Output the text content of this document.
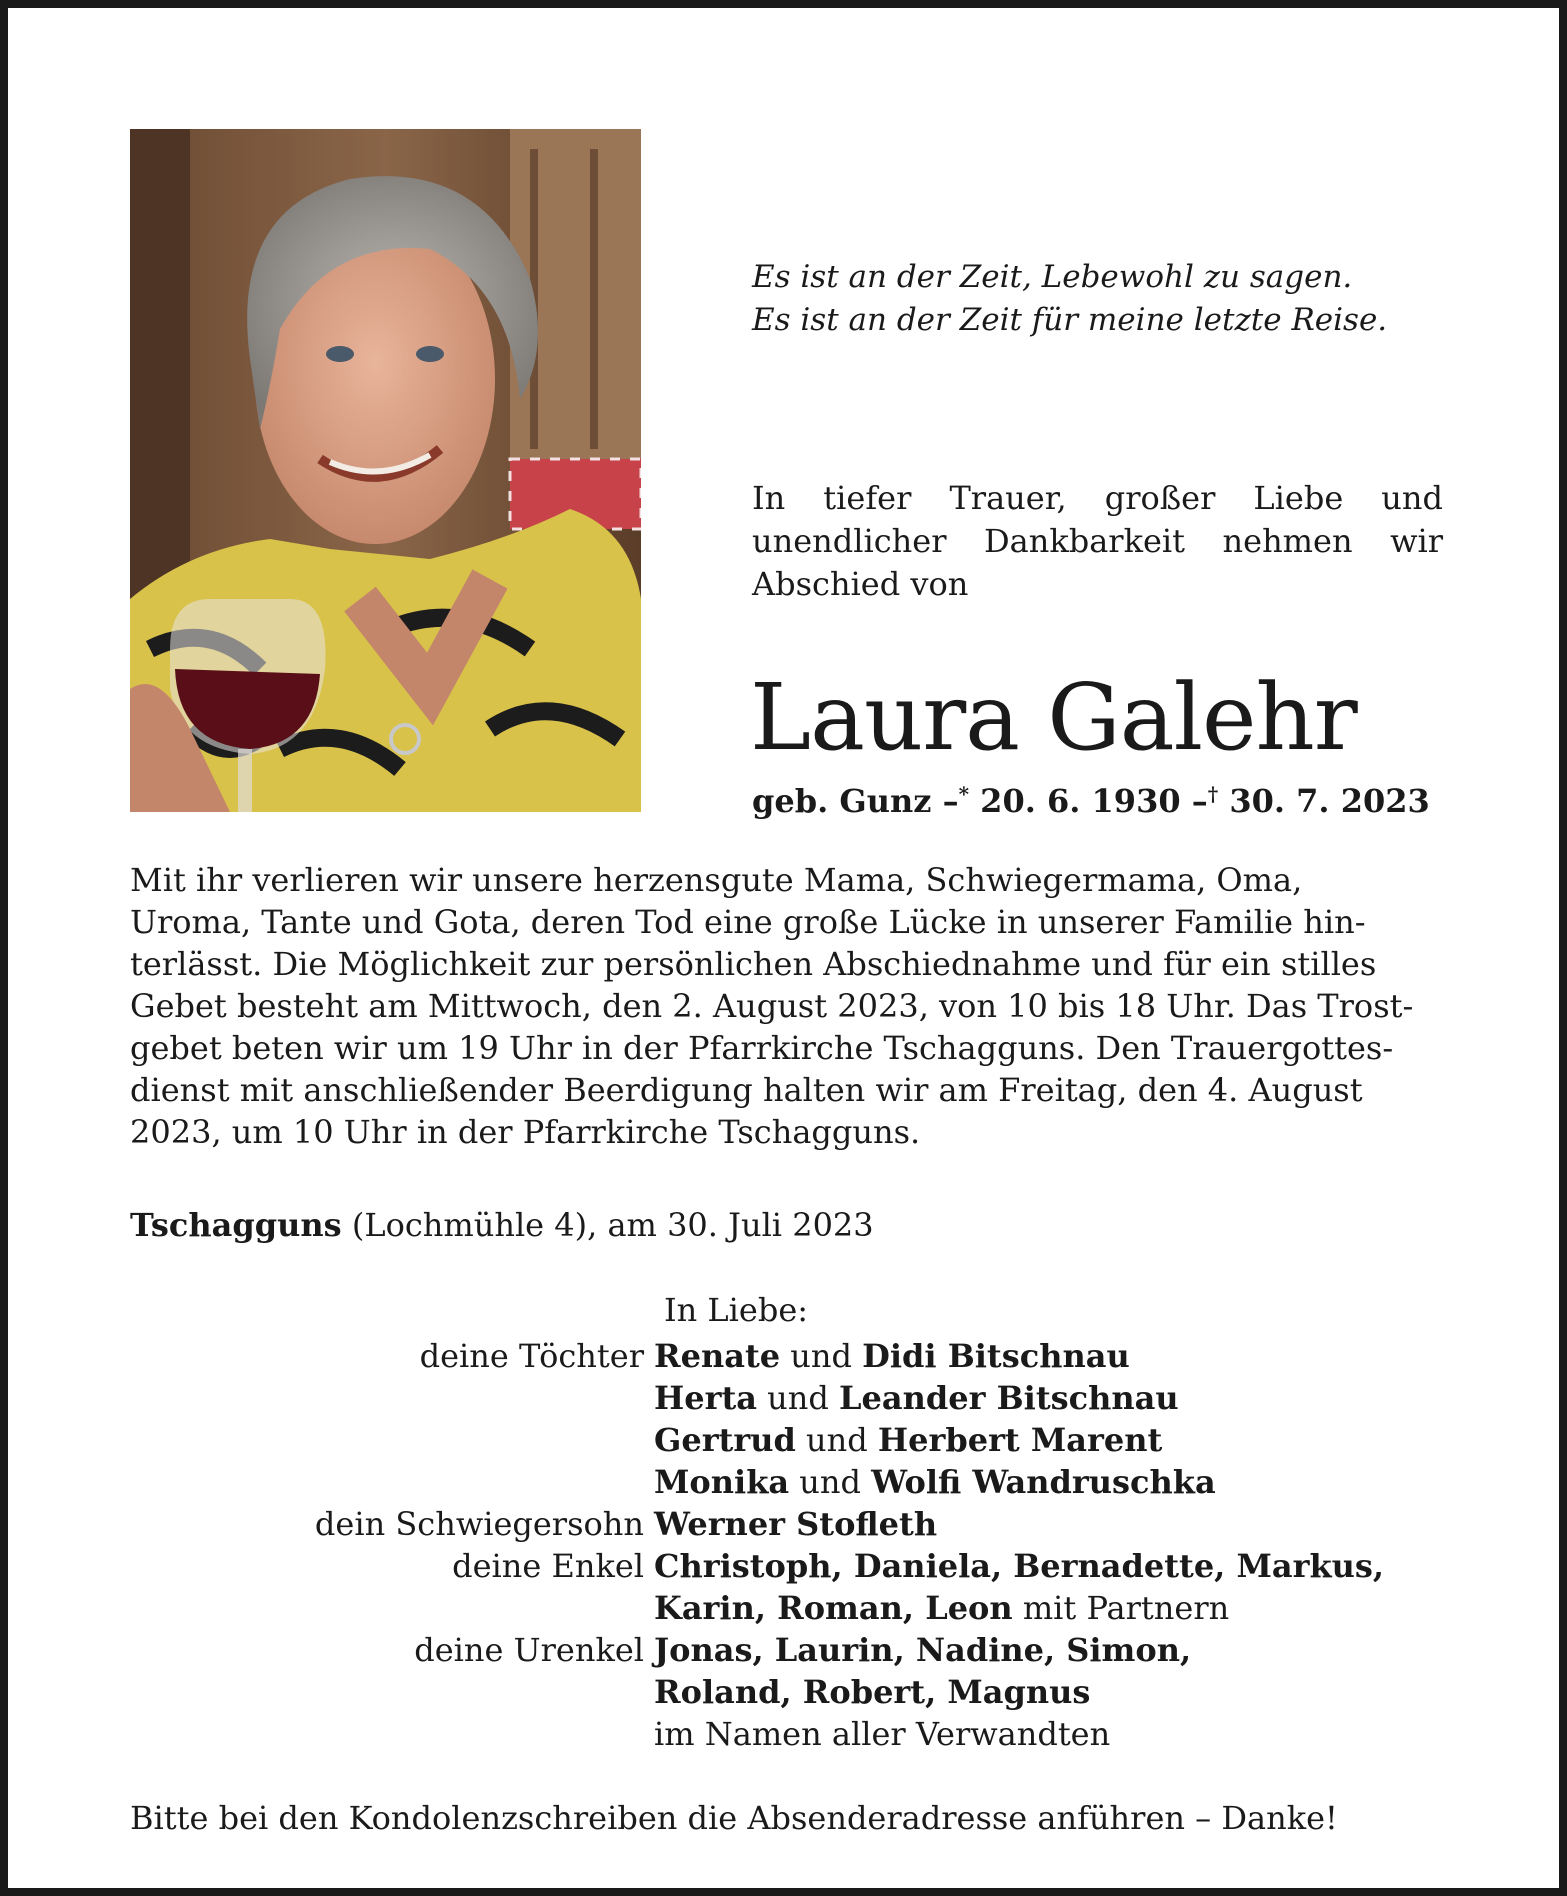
Es ist an der Zeit, Lebewohl zu sagen.
Es ist an der Zeit für meine letzte Reise.
In tiefer Trauer, großer Liebe und unendlicher Dankbarkeit nehmen wir Abschied von
Laura Galehr
geb. Gunz –* 20. 6. 1930 –† 30. 7. 2023
Mit ihr verlieren wir unsere herzensgute Mama, Schwiegermama, Oma,
Uroma, Tante und Gota, deren Tod eine große Lücke in unserer Familie hin-
terlässt. Die Möglichkeit zur persönlichen Abschiednahme und für ein stilles
Gebet besteht am Mittwoch, den 2. August 2023, von 10 bis 18 Uhr. Das Trost-
gebet beten wir um 19 Uhr in der Pfarrkirche Tschagguns. Den Trauergottes-
dienst mit anschließender Beerdigung halten wir am Freitag, den 4. August
2023, um 10 Uhr in der Pfarrkirche Tschagguns.
Tschagguns (Lochmühle 4), am 30. Juli 2023
In Liebe:
deine Töchter Renate und Didi Bitschnau
Herta und Leander Bitschnau
Gertrud und Herbert Marent
Monika und Wolfi Wandruschka
dein Schwiegersohn Werner Stofleth
deine Enkel Christoph, Daniela, Bernadette, Markus,
Karin, Roman, Leon mit Partnern
deine Urenkel Jonas, Laurin, Nadine, Simon,
Roland, Robert, Magnus
im Namen aller Verwandten
Bitte bei den Kondolenzschreiben die Absenderadresse anführen – Danke!
